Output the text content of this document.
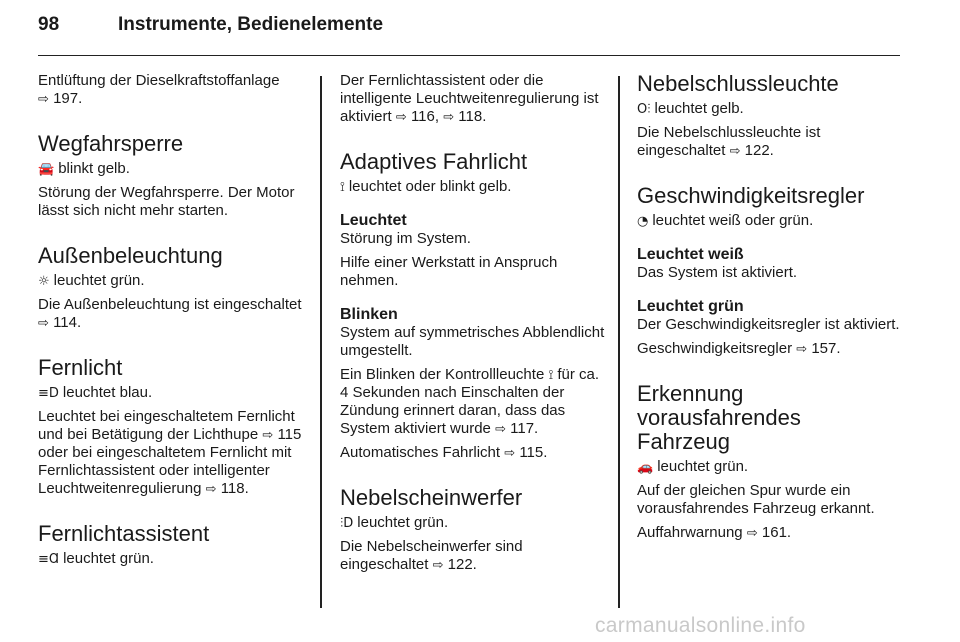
98	Instrumente, Bedienelemente

Entlüftung der Dieselkraftstoffanlage
⇨ 197.

Wegfahrsperre

🚘 blinkt gelb.

Störung der Wegfahrsperre. Der Motor lässt sich nicht mehr starten.

Außenbeleuchtung

☼ leuchtet grün.

Die Außenbeleuchtung ist eingeschaltet ⇨ 114.

Fernlicht

≡D leuchtet blau.

Leuchtet bei eingeschaltetem Fernlicht und bei Betätigung der Lichthupe ⇨ 115 oder bei eingeschaltetem Fernlicht mit Fernlichtassistent oder intelligenter Leuchtweitenregulierung ⇨ 118.

Fernlichtassistent

≡Ɑ leuchtet grün.

Der Fernlichtassistent oder die intelligente Leuchtweitenregulierung ist aktiviert ⇨ 116, ⇨ 118.

Adaptives Fahrlicht

⟟ leuchtet oder blinkt gelb.

Leuchtet

Störung im System.

Hilfe einer Werkstatt in Anspruch nehmen.

Blinken

System auf symmetrisches Abblendlicht umgestellt.

Ein Blinken der Kontrollleuchte ⟟ für ca. 4 Sekunden nach Einschalten der Zündung erinnert daran, dass das System aktiviert wurde ⇨ 117.

Automatisches Fahrlicht ⇨ 115.

Nebelscheinwerfer

⫶D leuchtet grün.

Die Nebelscheinwerfer sind eingeschaltet ⇨ 122.

Nebelschlussleuchte

O⫶ leuchtet gelb.

Die Nebelschlussleuchte ist eingeschaltet ⇨ 122.

Geschwindigkeitsregler

◔ leuchtet weiß oder grün.

Leuchtet weiß

Das System ist aktiviert.

Leuchtet grün

Der Geschwindigkeitsregler ist aktiviert.

Geschwindigkeitsregler ⇨ 157.

Erkennung
vorausfahrendes
Fahrzeug

🚗 leuchtet grün.

Auf der gleichen Spur wurde ein vorausfahrendes Fahrzeug erkannt.

Auffahrwarnung ⇨ 161.

carmanualsonline.info
